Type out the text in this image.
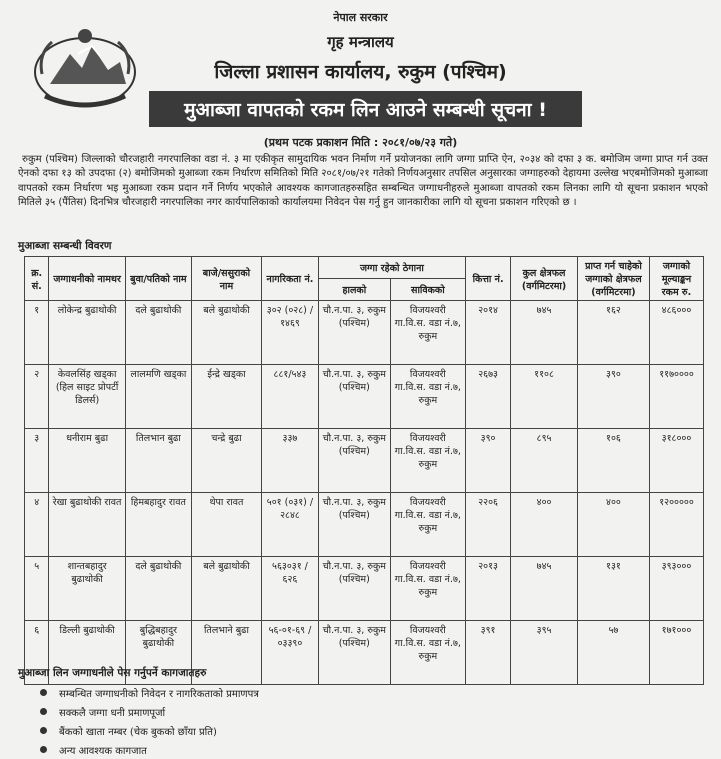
नेपाल सरकार
गृह मन्त्रालय
जिल्ला प्रशासन कार्यालय, रुकुम (पश्चिम)
मुआब्जा वापतको रकम लिन आउने सम्बन्धी सूचना !
(प्रथम पटक प्रकाशन मिति : २०८१/०७/२३ गते)
रुकुम (पश्चिम) जिल्लाको चौरजहारी नगरपालिका वडा नं. ३ मा एकीकृत सामुदायिक भवन निर्माण गर्ने प्रयोजनका लागि जग्गा प्राप्ति ऐन, २०३४ को दफा ३ क. बमोजिम जग्गा प्राप्त गर्न उक्त ऐनको दफा १३ को उपदफा (२) बमोजिमको मुआब्जा रकम निर्धारण समितिको मिति २०८१/०७/२१ गतेको निर्णयअनुसार तपसिल अनुसारका जग्गाहरुको देहायमा उल्लेख भएबमोजिमको मुआब्जा वापतको रकम निर्धारण भइ मुआब्जा रकम प्रदान गर्ने निर्णय भएकोले आवश्यक कागजातहरुसहित सम्बन्धित जग्गाधनीहरुले मुआब्जा वापतको रकम लिनका लागि यो सूचना प्रकाशन भएको मितिले ३५ (पैंतिस) दिनभित्र चौरजहारी नगरपालिका नगर कार्यपालिकाको कार्यालयमा निवेदन पेस गर्नु हुन जानकारीका लागि यो सूचना प्रकाशन गरिएको छ ।
मुआब्जा सम्बन्धी विवरण
क्र. सं.	जग्गाधनीको नामथर	बुवा/पतिको नाम	बाजे/ससुराको नाम	नागरिकता नं.	जग्गा रहेको ठेगाना		कित्ता नं.	कुल क्षेत्रफल (वर्गमिटरमा)	प्राप्त गर्न चाहेको जग्गाको क्षेत्रफल (वर्गमिटरमा)	जग्गाको मूल्याङ्कन रकम रु.
					हालको	साविकको				
१	लोकेन्द्र बुढाथोकी	दले बुढाथोकी	बले बुढाथोकी	३०२ (०२८) /१४६९	चौ.न.पा. ३, रुकुम (पश्चिम)	विजयश्वरी गा.वि.स. वडा नं.७, रुकुम	२०१४	७४५	१६२	४८६०००
२	केवलसिंह खड्का (हिल साइट प्रोपर्टी डिलर्स)	लालमणि खड्का	ईन्द्रे खड्का	८८१/५४३	चौ.न.पा. ३, रुकुम (पश्चिम)	विजयश्वरी गा.वि.स. वडा नं.७, रुकुम	२६७३	११०८	३९०	११७००००
३	धनीराम बुढा	तिलभान बुढा	चन्द्रे बुढा	३३७	चौ.न.पा. ३, रुकुम (पश्चिम)	विजयश्वरी गा.वि.स. वडा नं.७, रुकुम	३९०	८९५	१०६	३१८०००
४	रेखा बुढाथोकी रावत	हिमबहादुर रावत	थेपा रावत	५०१ (०३१) /२८४८	चौ.न.पा. ३, रुकुम (पश्चिम)	विजयश्वरी गा.वि.स. वडा नं.७, रुकुम	२२०६	४००	४००	१२०००००
५	शान्तबहादुर बुढाथोकी	दले बुढाथोकी	बले बुढाथोकी	५६३०३१ /६२६	चौ.न.पा. ३, रुकुम (पश्चिम)	विजयश्वरी गा.वि.स. वडा नं.७, रुकुम	२०१३	७४५	१३१	३९३०००
६	डिल्ली बुढाथोकी	बुद्धिबहादुर बुढाथोकी	तिलभाने बुढा	५६-०१-६९ /०३३९०	चौ.न.पा. ३, रुकुम (पश्चिम)	विजयश्वरी गा.वि.स. वडा नं.७, रुकुम	३९१	३९५	५७	१७१०००
मुआब्जा लिन जग्गाधनीले पेस गर्नुपर्ने कागजातहरु
सम्बन्धित जग्गाधनीको निवेदन र नागरिकताको प्रमाणपत्र
सक्कलै जग्गा धनी प्रमाणपूर्जा
बैंकको खाता नम्बर (चेक बुकको छाँया प्रति)
अन्य आवश्यक कागजात
